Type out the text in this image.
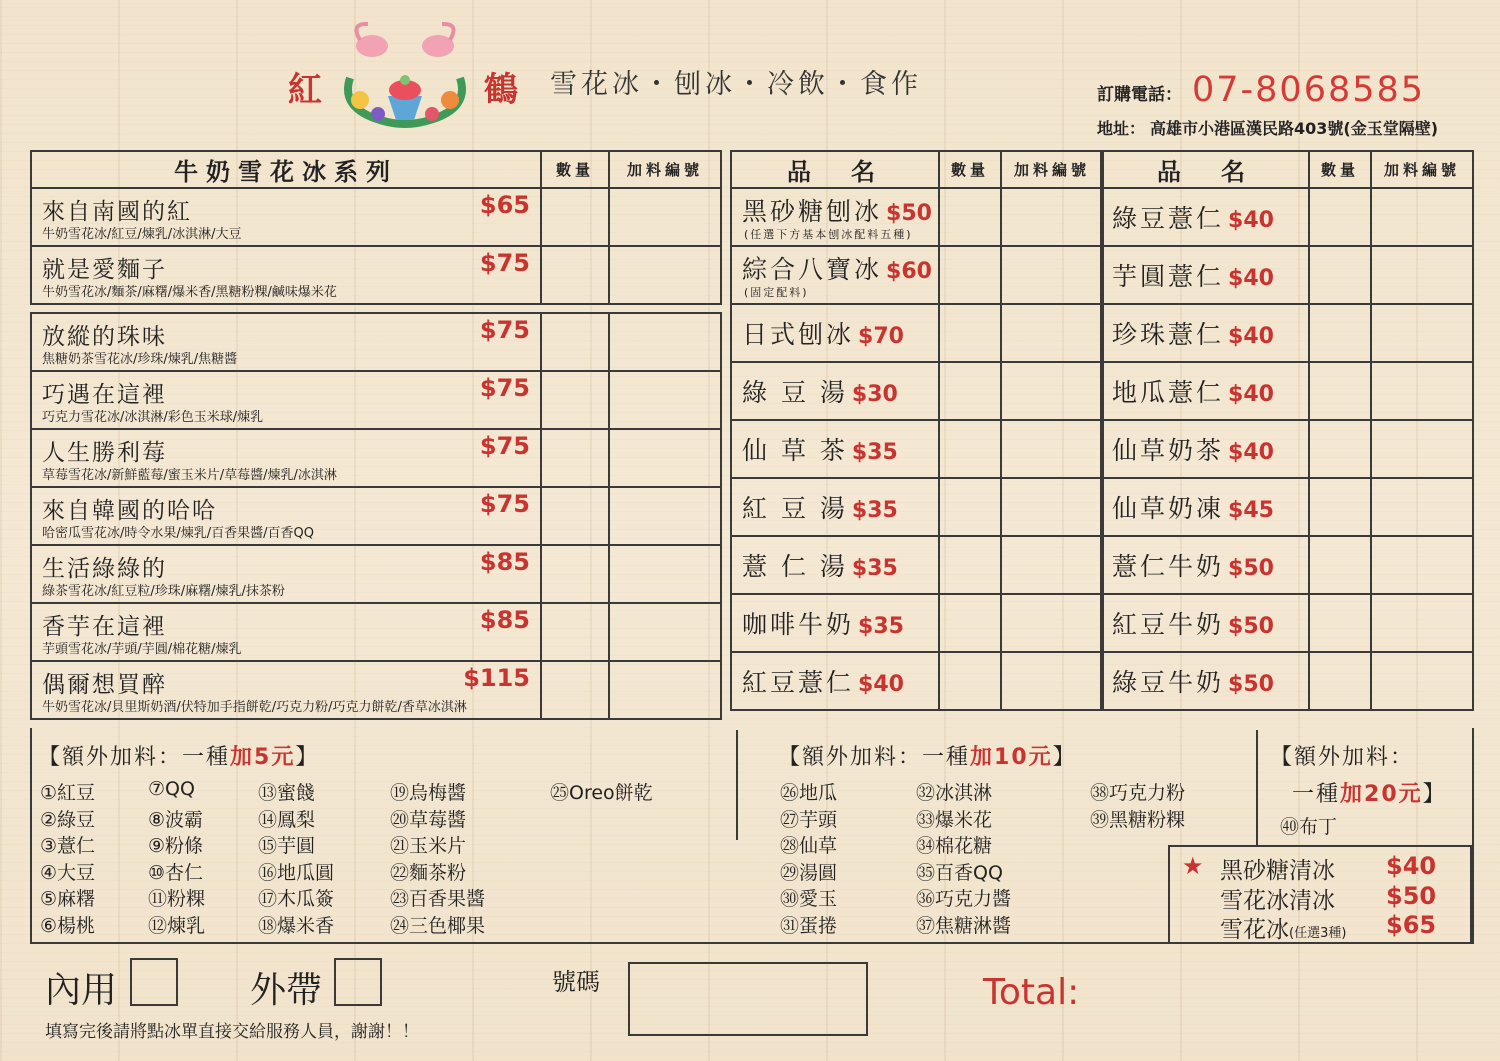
紅	鶴 雪花冰・刨冰・冷飲・食作	訂購電話： 07-8068585
地址： 高雄市小港區漢民路403號(金玉堂隔壁)
牛奶雪花冰系列	數量	加料編號

來自南國的紅 $65
牛奶雪花冰/紅豆/煉乳/冰淇淋/大豆		

就是愛麵子 $75
牛奶雪花冰/麵茶/麻糬/爆米香/黑糖粉粿/鹹味爆米花		

放縱的珠味 $75
焦糖奶茶雪花冰/珍珠/煉乳/焦糖醬		

巧遇在這裡 $75
巧克力雪花冰/冰淇淋/彩色玉米球/煉乳		

人生勝利莓 $75
草莓雪花冰/新鮮藍莓/蜜玉米片/草莓醬/煉乳/冰淇淋		

來自韓國的哈哈 $75
哈密瓜雪花冰/時令水果/煉乳/百香果醬/百香QQ		

生活綠綠的 $85
綠茶雪花冰/紅豆粒/珍珠/麻糬/煉乳/抹茶粉		

香芋在這裡 $85
芋頭雪花冰/芋頭/芋圓/棉花糖/煉乳		

偶爾想買醉 $115
牛奶雪花冰/貝里斯奶酒/伏特加手指餅乾/巧克力粉/巧克力餅乾/香草冰淇淋		

品　名	數量	加料編號
黑砂糖刨冰 $50
(任選下方基本刨冰配料五種)		

綜合八寶冰 $60
(固定配料)		

日式刨冰 $70		
綠 豆 湯 $30		
仙 草 茶 $35		
紅 豆 湯 $35		
薏 仁 湯 $35		
咖啡牛奶 $35		
紅豆薏仁 $40		
品　名	數量	加料編號
綠豆薏仁 $40		
芋圓薏仁 $40		
珍珠薏仁 $40		
地瓜薏仁 $40		
仙草奶茶 $40		
仙草奶凍 $45		
薏仁牛奶 $50		
紅豆牛奶 $50		
綠豆牛奶 $50		
【額外加料：一種加5元】	【額外加料：一種加10元】	【額外加料：
一種加20元】
①紅豆
②綠豆
③薏仁
④大豆
⑤麻糬
⑥楊桃
⑦QQ
⑧波霸
⑨粉條
⑩杏仁
⑪粉粿
⑫煉乳
⑬蜜餞
⑭鳳梨
⑮芋圓
⑯地瓜圓
⑰木瓜簽
⑱爆米香
⑲烏梅醬
⑳草莓醬
㉑玉米片
㉒麵茶粉
㉓百香果醬
㉔三色椰果
㉕Oreo餅乾	㉖地瓜
㉗芋頭
㉘仙草
㉙湯圓
㉚愛玉
㉛蛋捲
㉜冰淇淋
㉝爆米花
㉞棉花糖
㉟百香QQ
㊱巧克力醬
㊲焦糖淋醬
㊳巧克力粉
㊴黑糖粉粿	㊵布丁
★ 黑砂糖清冰 $40
雪花冰清冰 $50
雪花冰(任選3種) $65
內用	外帶	號碼	Total:
填寫完後請將點冰單直接交給服務人員，謝謝！！
